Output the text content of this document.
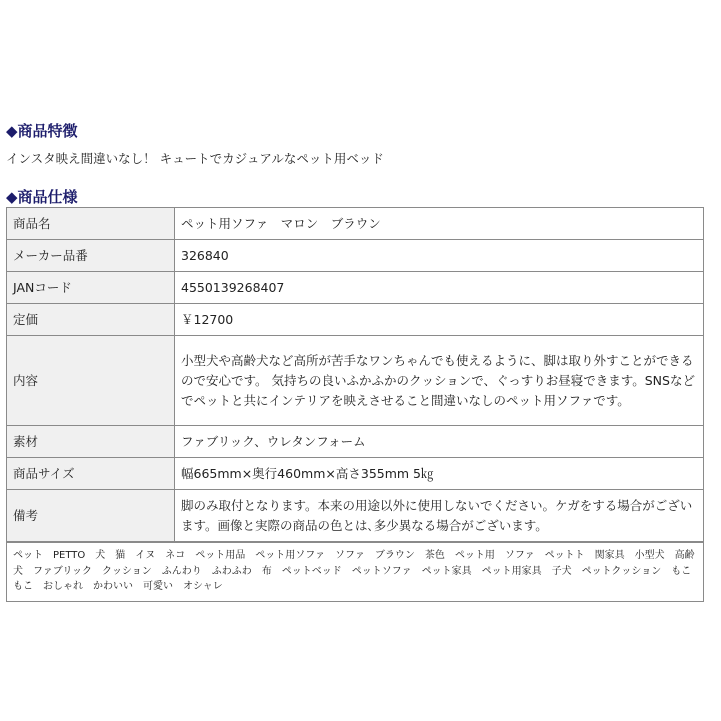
◆商品特徴
インスタ映え間違いなし！ キュートでカジュアルなペット用ベッド
◆商品仕様
商品名	ペット用ソファ　マロン　ブラウン
メーカー品番	326840
JANコード	4550139268407
定価	￥12700
内容	小型犬や高齢犬など高所が苦手なワンちゃんでも使えるように、脚は取り外すことができるので安心です。 気持ちの良いふかふかのクッションで、ぐっすりお昼寝できます。SNSなどでペットと共にインテリアを映えさせること間違いなしのペット用ソファです。
素材	ファブリック、ウレタンフォーム
商品サイズ	幅665mm×奥行460mm×高さ355mm 5㎏
備考	脚のみ取付となります。本来の用途以外に使用しないでください。ケガをする場合がございます。画像と実際の商品の色とは､多少異なる場合がございます。
ペット　PETTO　犬　猫　イヌ　ネコ　ペット用品　ペット用ソファ　ソファ　ブラウン　茶色　ペット用　ソファ　ペットト　関家具　小型犬　高齢犬　ファブリック　クッション　ふんわり　ふわふわ　布　ペットベッド　ペットソファ　ペット家具　ペット用家具　子犬　ペットクッション　もこもこ　おしゃれ　かわいい　可愛い　オシャレ
